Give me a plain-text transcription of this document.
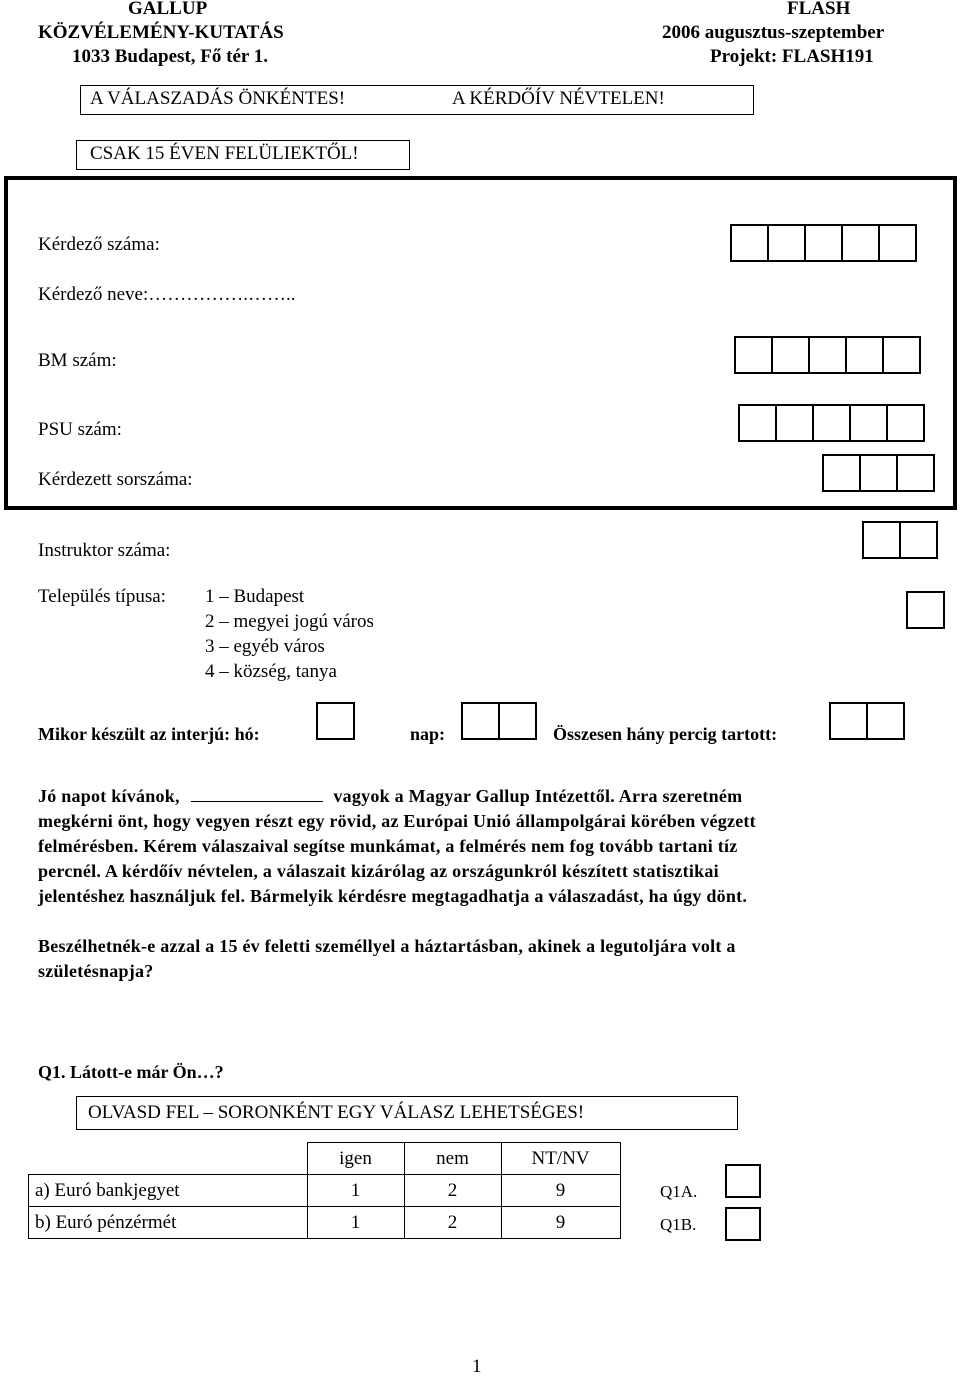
GALLUP
KÖZVÉLEMÉNY-KUTATÁS
1033 Budapest, Fő tér 1.
FLASH
2006 augusztus-szeptember
Projekt: FLASH191
A VÁLASZADÁS ÖNKÉNTES!	A KÉRDŐÍV NÉVTELEN!
CSAK 15 ÉVEN FELÜLIEKTŐL!
Kérdező száma:
Kérdező neve:…………….……..
BM szám:
PSU szám:
Kérdezett sorszáma:
Instruktor száma:
Település típusa: 1 – Budapest
2 – megyei jogú város
3 – egyéb város
4 – község, tanya
Mikor készült az interjú: hó:	nap:	Összesen hány percig tartott:
Jó napot kívánok,	vagyok a Magyar Gallup Intézettől. Arra szeretném
megkérni önt, hogy vegyen részt egy rövid, az Európai Unió állampolgárai körében végzett
felmérésben. Kérem válaszaival segítse munkámat, a felmérés nem fog tovább tartani tíz
percnél. A kérdőív névtelen, a válaszait kizárólag az országunkról készített statisztikai
jelentéshez használjuk fel. Bármelyik kérdésre megtagadhatja a válaszadást, ha úgy dönt.
Beszélhetnék-e azzal a 15 év feletti személlyel a háztartásban, akinek a legutoljára volt a
születésnapja?
Q1. Látott-e már Ön…?
OLVASD FEL – SORONKÉNT EGY VÁLASZ LEHETSÉGES!
	igen	nem	NT/NV
a) Euró bankjegyet	1	2	9
b) Euró pénzérmét	1	2	9
Q1A.
Q1B.
1
